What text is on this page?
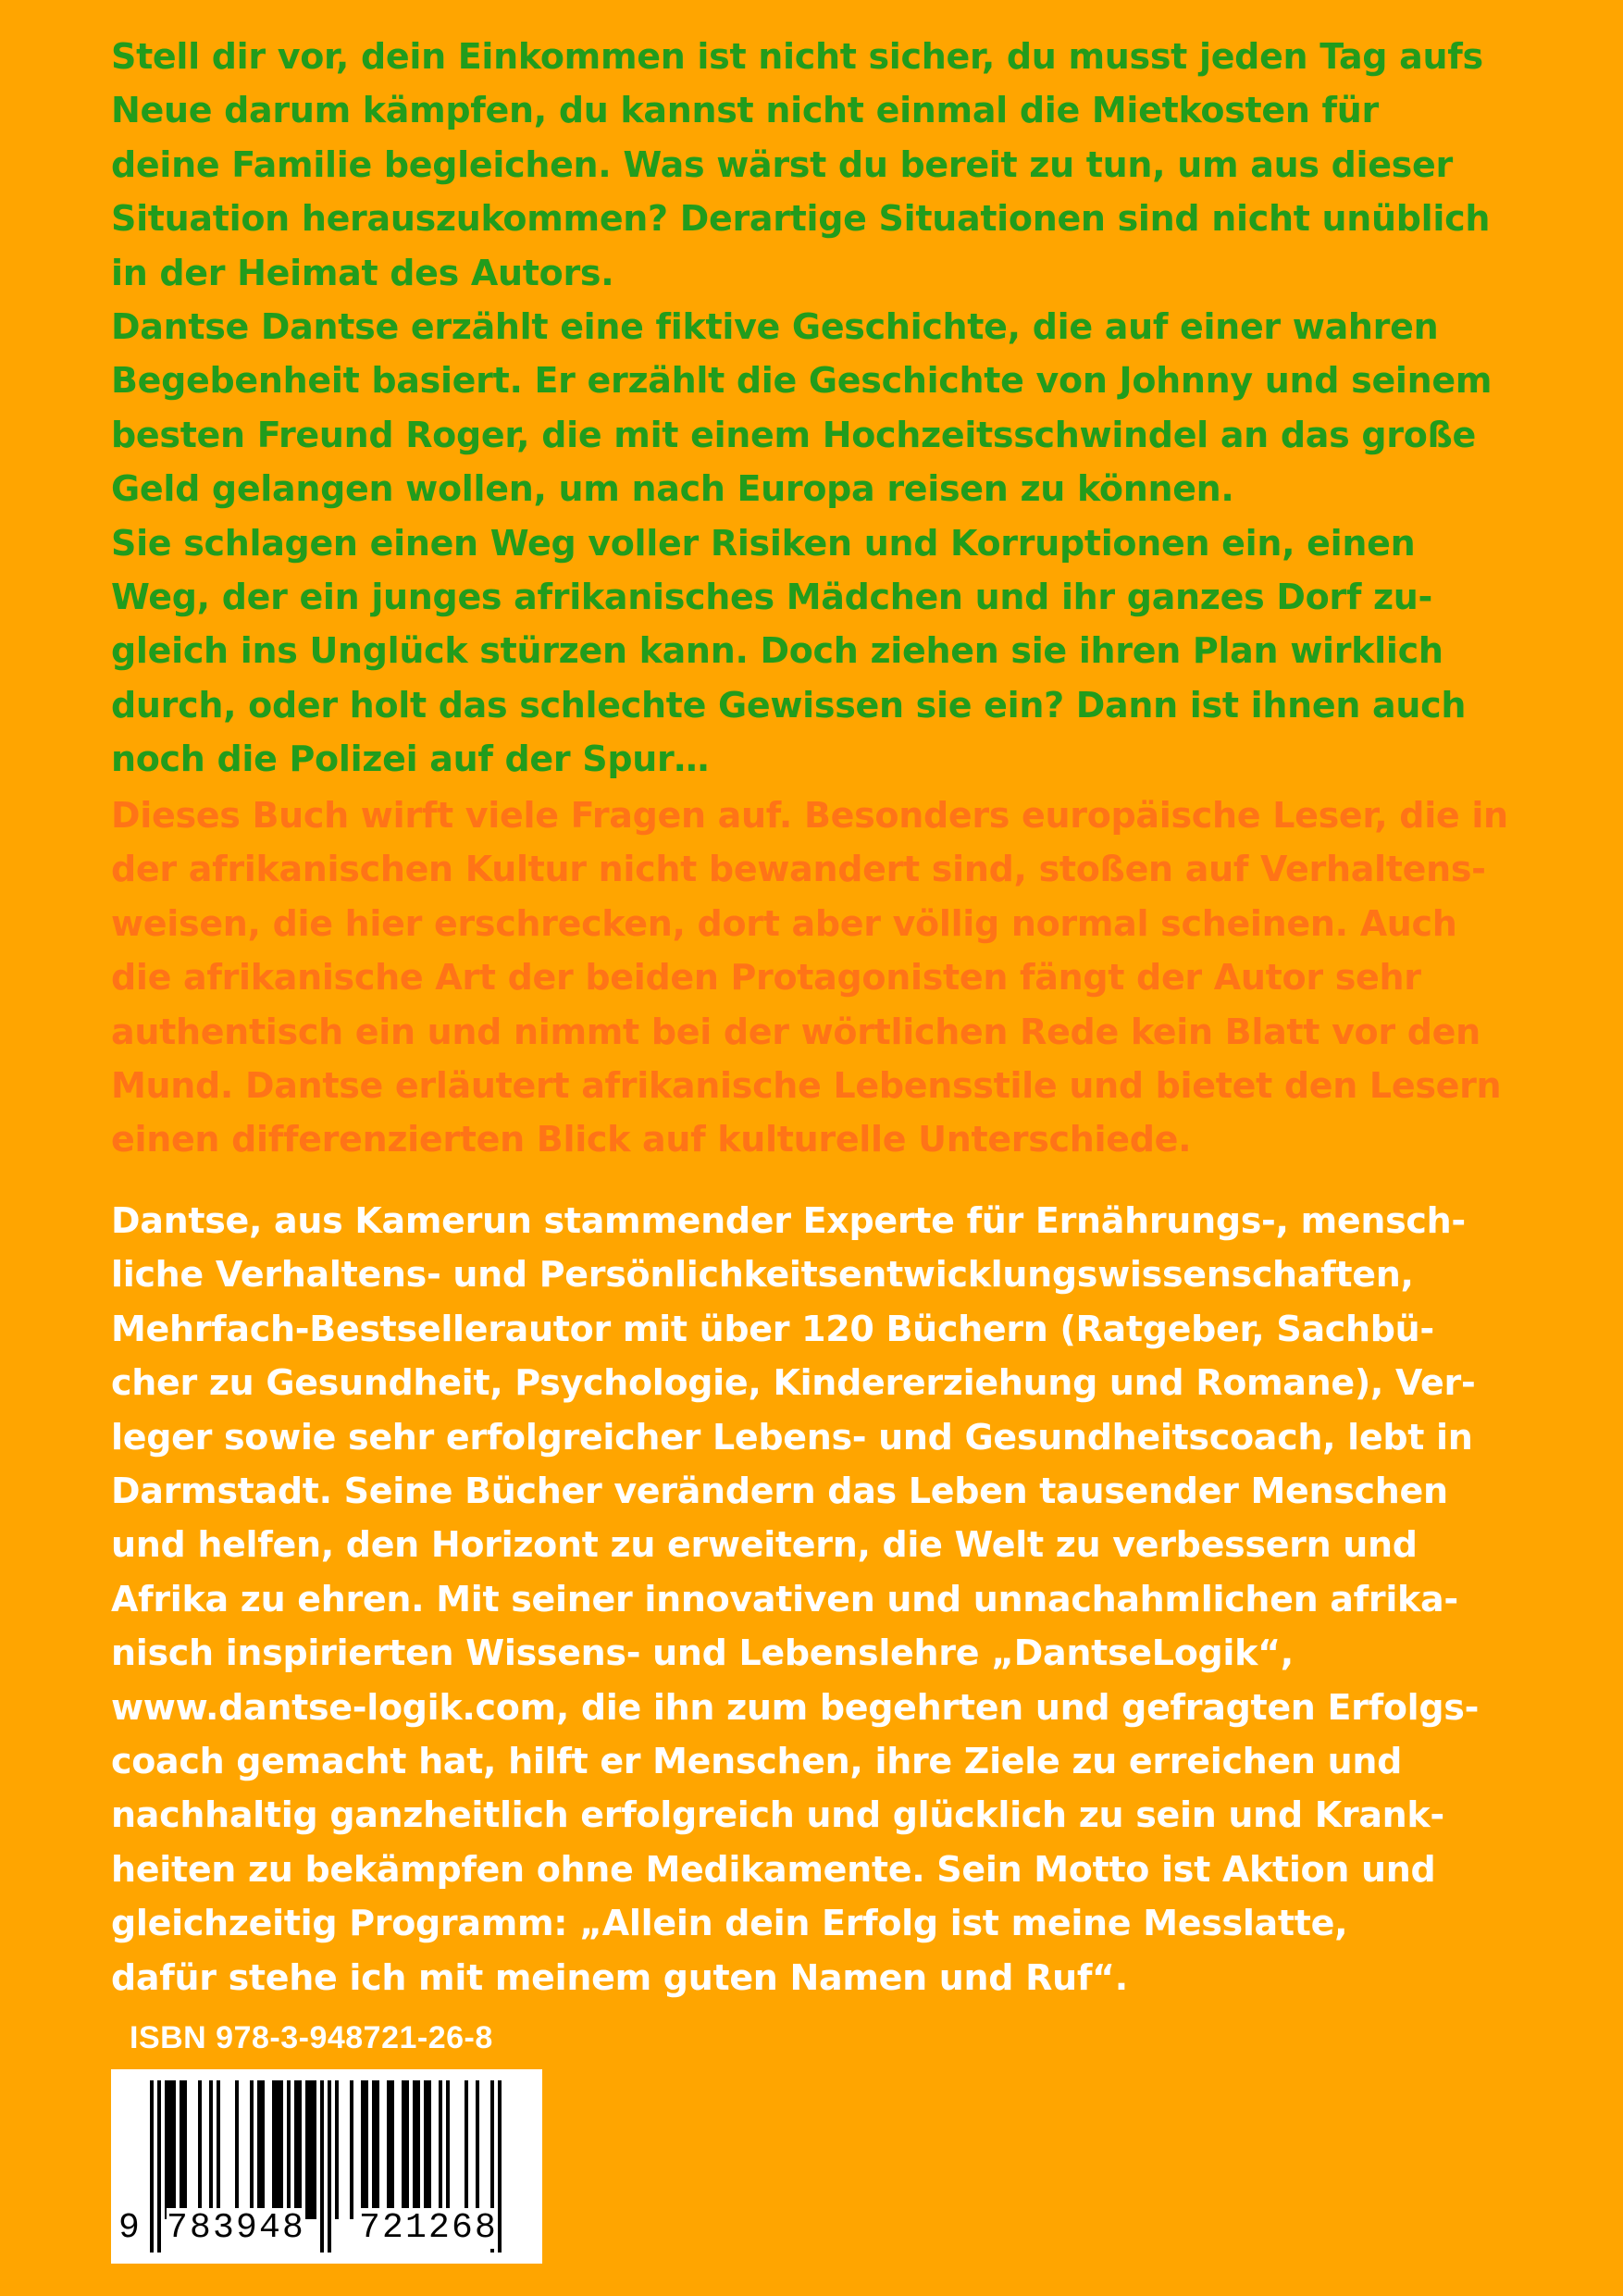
Stell dir vor, dein Einkommen ist nicht sicher, du musst jeden Tag aufs
Neue darum kämpfen, du kannst nicht einmal die Mietkosten für
deine Familie begleichen. Was wärst du bereit zu tun, um aus dieser
Situation herauszukommen? Derartige Situationen sind nicht unüblich
in der Heimat des Autors.
Dantse Dantse erzählt eine fiktive Geschichte, die auf einer wahren
Begebenheit basiert. Er erzählt die Geschichte von Johnny und seinem
besten Freund Roger, die mit einem Hochzeitsschwindel an das große
Geld gelangen wollen, um nach Europa reisen zu können.
Sie schlagen einen Weg voller Risiken und Korruptionen ein, einen
Weg, der ein junges afrikanisches Mädchen und ihr ganzes Dorf zu-
gleich ins Unglück stürzen kann. Doch ziehen sie ihren Plan wirklich
durch, oder holt das schlechte Gewissen sie ein? Dann ist ihnen auch
noch die Polizei auf der Spur…
Dieses Buch wirft viele Fragen auf. Besonders europäische Leser, die in
der afrikanischen Kultur nicht bewandert sind, stoßen auf Verhaltens-
weisen, die hier erschrecken, dort aber völlig normal scheinen. Auch
die afrikanische Art der beiden Protagonisten fängt der Autor sehr
authentisch ein und nimmt bei der wörtlichen Rede kein Blatt vor den
Mund. Dantse erläutert afrikanische Lebensstile und bietet den Lesern
einen differenzierten Blick auf kulturelle Unterschiede.
Dantse, aus Kamerun stammender Experte für Ernährungs-, mensch-
liche Verhaltens- und Persönlichkeitsentwicklungswissenschaften,
Mehrfach-Bestsellerautor mit über 120 Büchern (Ratgeber, Sachbü-
cher zu Gesundheit, Psychologie, Kindererziehung und Romane), Ver-
leger sowie sehr erfolgreicher Lebens- und Gesundheitscoach, lebt in
Darmstadt. Seine Bücher verändern das Leben tausender Menschen
und helfen, den Horizont zu erweitern, die Welt zu verbessern und
Afrika zu ehren. Mit seiner innovativen und unnachahmlichen afrika-
nisch inspirierten Wissens- und Lebenslehre „DantseLogik“,
www.dantse-logik.com, die ihn zum begehrten und gefragten Erfolgs-
coach gemacht hat, hilft er Menschen, ihre Ziele zu erreichen und
nachhaltig ganzheitlich erfolgreich und glücklich zu sein und Krank-
heiten zu bekämpfen ohne Medikamente. Sein Motto ist Aktion und
gleichzeitig Programm: „Allein dein Erfolg ist meine Messlatte,
dafür stehe ich mit meinem guten Namen und Ruf“.
ISBN 978-3-948721-26-8
9 783948 721268
